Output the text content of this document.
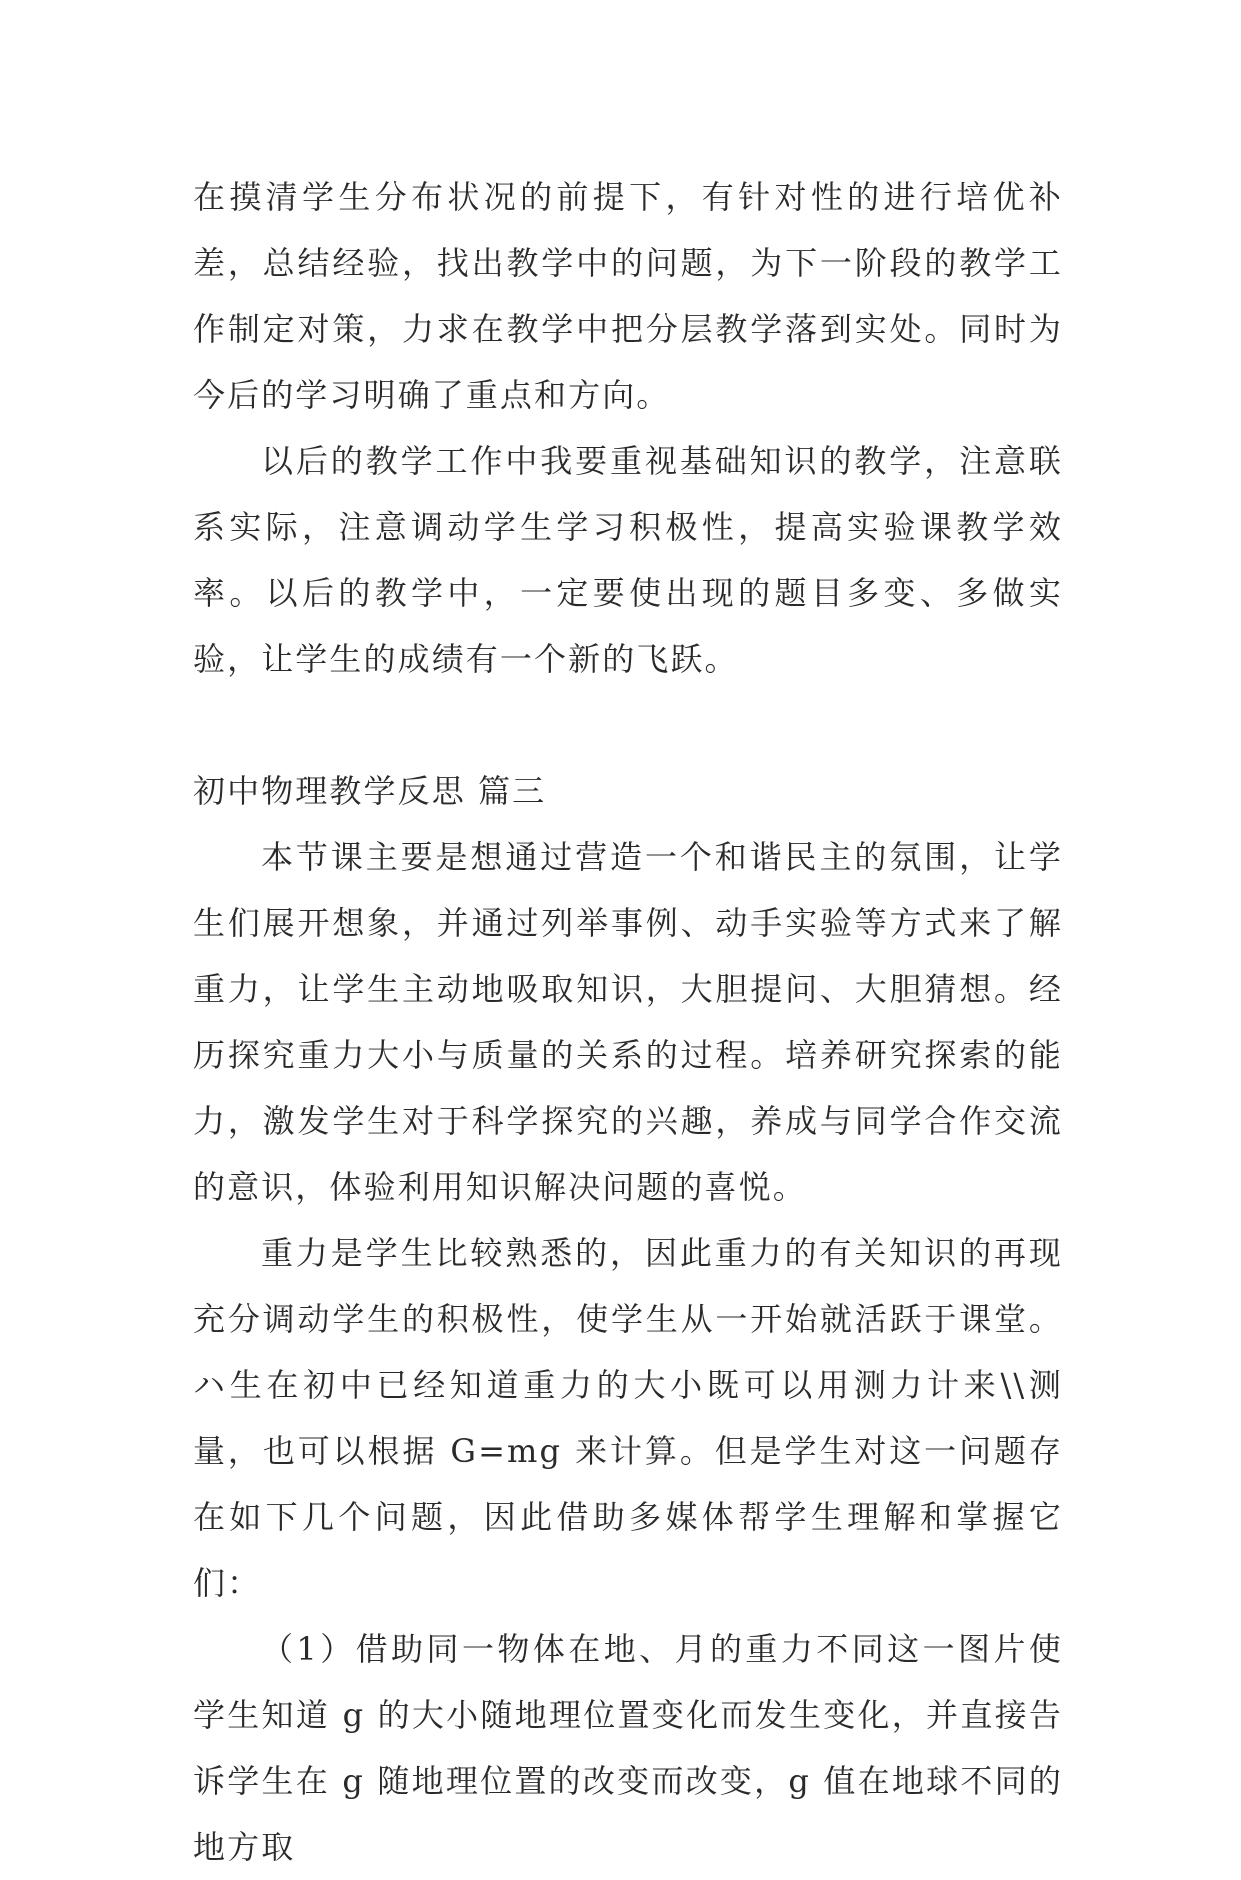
在摸清学生分布状况的前提下，有针对性的进行培优补差，总结经验，找出教学中的问题，为下一阶段的教学工作制定对策，力求在教学中把分层教学落到实处。同时为今后的学习明确了重点和方向。

以后的教学工作中我要重视基础知识的教学，注意联系实际，注意调动学生学习积极性，提高实验课教学效率。以后的教学中，一定要使出现的题目多变、多做实验，让学生的成绩有一个新的飞跃。

初中物理教学反思 篇三

本节课主要是想通过营造一个和谐民主的氛围，让学生们展开想象，并通过列举事例、动手实验等方式来了解重力，让学生主动地吸取知识，大胆提问、大胆猜想。经历探究重力大小与质量的关系的过程。培养研究探索的能力，激发学生对于科学探究的兴趣，养成与同学合作交流的意识，体验利用知识解决问题的喜悦。

重力是学生比较熟悉的，因此重力的有关知识的再现充分调动学生的积极性，使学生从一开始就活跃于课堂。ハ生在初中已经知道重力的大小既可以用测力计来\\测量，也可以根据 G=mg 来计算。但是学生对这一问题存在如下几个问题，因此借助多媒体帮学生理解和掌握它们：

（1）借助同一物体在地、月的重力不同这一图片使学生知道 g 的大小随地理位置变化而发生变化，并直接告诉学生在 g 随地理位置的改变而改变，g 值在地球不同的地方取
